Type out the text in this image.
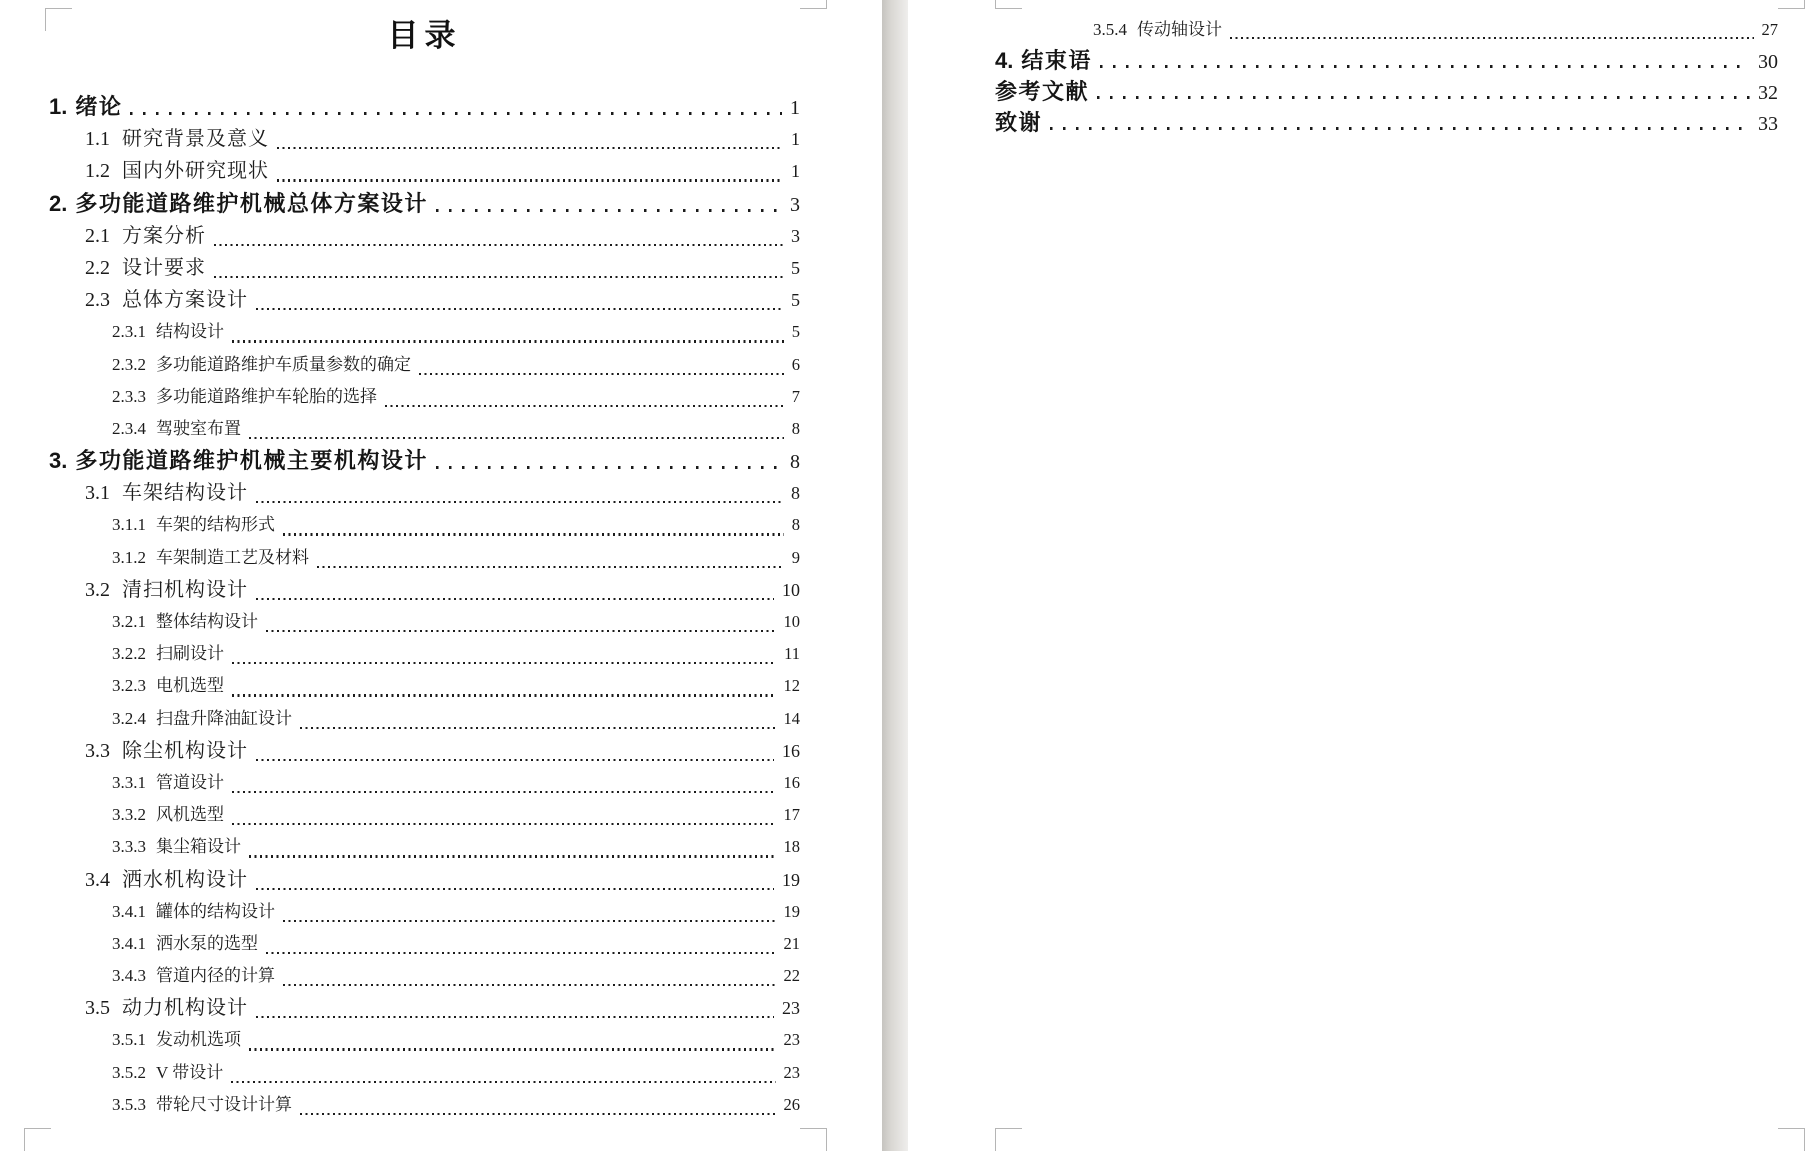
目录
1. 绪论	1
1.1 研究背景及意义	1
1.2 国内外研究现状	1
2. 多功能道路维护机械总体方案设计	3
2.1 方案分析	3
2.2 设计要求	5
2.3 总体方案设计	5
2.3.1 结构设计	5
2.3.2 多功能道路维护车质量参数的确定	6
2.3.3 多功能道路维护车轮胎的选择	7
2.3.4 驾驶室布置	8
3. 多功能道路维护机械主要机构设计	8
3.1 车架结构设计	8
3.1.1 车架的结构形式	8
3.1.2 车架制造工艺及材料	9
3.2 清扫机构设计	10
3.2.1 整体结构设计	10
3.2.2 扫刷设计	11
3.2.3 电机选型	12
3.2.4 扫盘升降油缸设计	14
3.3 除尘机构设计	16
3.3.1 管道设计	16
3.3.2 风机选型	17
3.3.3 集尘箱设计	18
3.4 洒水机构设计	19
3.4.1 罐体的结构设计	19
3.4.1 洒水泵的选型	21
3.4.3 管道内径的计算	22
3.5 动力机构设计	23
3.5.1 发动机选项	23
3.5.2 V 带设计	23
3.5.3 带轮尺寸设计计算	26
3.5.4 传动轴设计	27
4. 结束语	30
参考文献	32
致谢	33
